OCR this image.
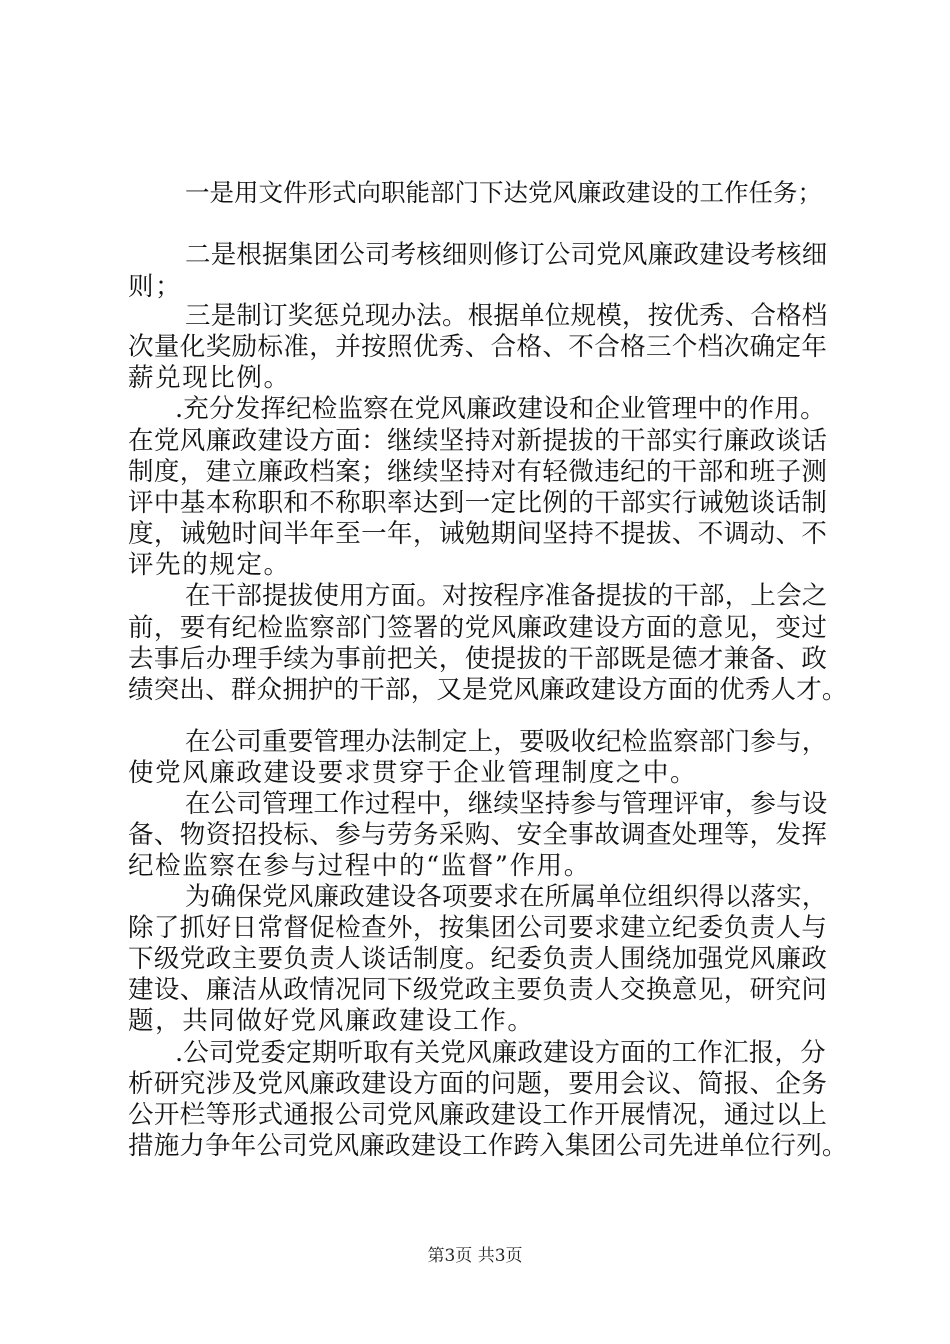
一是用文件形式向职能部门下达党风廉政建设的工作任务；
二是根据集团公司考核细则修订公司党风廉政建设考核细
则；
三是制订奖惩兑现办法。根据单位规模，按优秀、合格档
次量化奖励标准，并按照优秀、合格、不合格三个档次确定年
薪兑现比例。
.充分发挥纪检监察在党风廉政建设和企业管理中的作用。
在党风廉政建设方面：继续坚持对新提拔的干部实行廉政谈话
制度，建立廉政档案；继续坚持对有轻微违纪的干部和班子测
评中基本称职和不称职率达到一定比例的干部实行诫勉谈话制
度，诫勉时间半年至一年，诫勉期间坚持不提拔、不调动、不
评先的规定。
在干部提拔使用方面。对按程序准备提拔的干部，上会之
前，要有纪检监察部门签署的党风廉政建设方面的意见，变过
去事后办理手续为事前把关，使提拔的干部既是德才兼备、政
绩突出、群众拥护的干部，又是党风廉政建设方面的优秀人才。
在公司重要管理办法制定上，要吸收纪检监察部门参与，
使党风廉政建设要求贯穿于企业管理制度之中。
在公司管理工作过程中，继续坚持参与管理评审，参与设
备、物资招投标、参与劳务采购、安全事故调查处理等，发挥
纪检监察在参与过程中的“监督”作用。
为确保党风廉政建设各项要求在所属单位组织得以落实，
除了抓好日常督促检查外，按集团公司要求建立纪委负责人与
下级党政主要负责人谈话制度。纪委负责人围绕加强党风廉政
建设、廉洁从政情况同下级党政主要负责人交换意见，研究问
题，共同做好党风廉政建设工作。
.公司党委定期听取有关党风廉政建设方面的工作汇报，分
析研究涉及党风廉政建设方面的问题，要用会议、简报、企务
公开栏等形式通报公司党风廉政建设工作开展情况，通过以上
措施力争年公司党风廉政建设工作跨入集团公司先进单位行列。
第3页 共3页
